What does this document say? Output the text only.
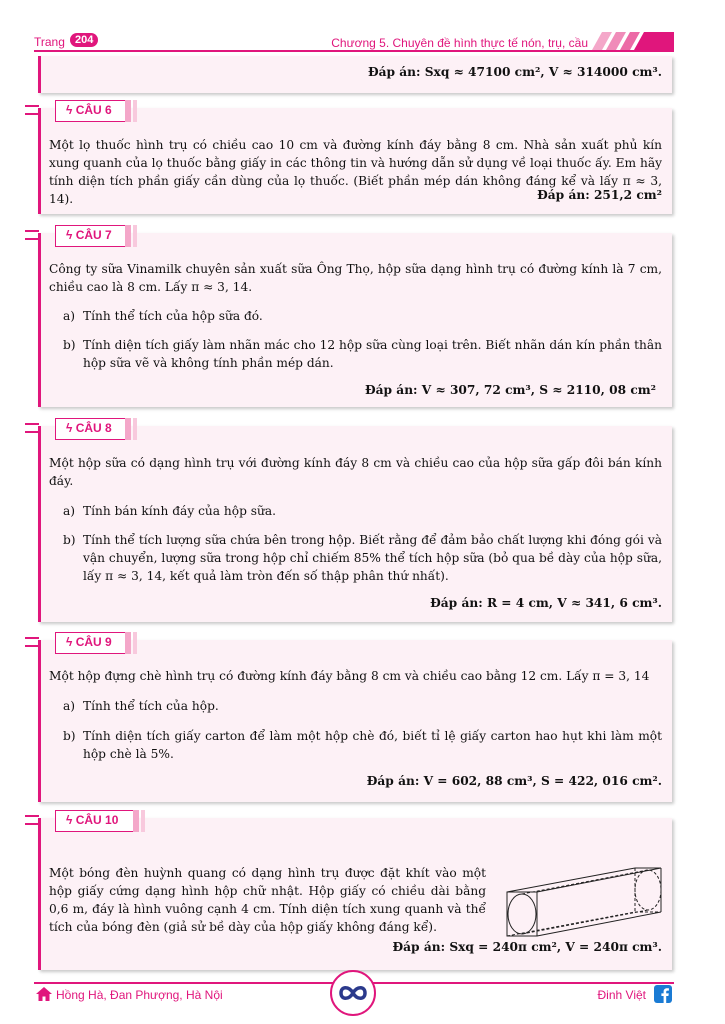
Trang 204	Chương 5. Chuyên đề hình thực tế nón, trụ, cầu
Đáp án: Sxq ≈ 47100 cm², V ≈ 314000 cm³.
ϟ CÂU 6
Một lọ thuốc hình trụ có chiều cao 10 cm và đường kính đáy bằng 8 cm. Nhà sản xuất phủ kín xung quanh của lọ thuốc bằng giấy in các thông tin và hướng dẫn sử dụng về loại thuốc ấy. Em hãy tính diện tích phần giấy cần dùng của lọ thuốc. (Biết phần mép dán không đáng kể và lấy π ≈ 3, 14).	Đáp án: 251,2 cm²
ϟ CÂU 7
Công ty sữa Vinamilk chuyên sản xuất sữa Ông Thọ, hộp sữa dạng hình trụ có đường kính là 7 cm, chiều cao là 8 cm. Lấy π ≈ 3, 14.
a) Tính thể tích của hộp sữa đó.
b) Tính diện tích giấy làm nhãn mác cho 12 hộp sữa cùng loại trên. Biết nhãn dán kín phần thân hộp sữa vẽ và không tính phần mép dán.
Đáp án: V ≈ 307, 72 cm³, S ≈ 2110, 08 cm²
ϟ CÂU 8
Một hộp sữa có dạng hình trụ với đường kính đáy 8 cm và chiều cao của hộp sữa gấp đôi bán kính đáy.
a) Tính bán kính đáy của hộp sữa.
b) Tính thể tích lượng sữa chứa bên trong hộp. Biết rằng để đảm bảo chất lượng khi đóng gói và vận chuyển, lượng sữa trong hộp chỉ chiếm 85% thể tích hộp sữa (bỏ qua bề dày của hộp sữa, lấy π ≈ 3, 14, kết quả làm tròn đến số thập phân thứ nhất).
Đáp án: R = 4 cm, V ≈ 341, 6 cm³.
ϟ CÂU 9
Một hộp đựng chè hình trụ có đường kính đáy bằng 8 cm và chiều cao bằng 12 cm. Lấy π = 3, 14
a) Tính thể tích của hộp.
b) Tính diện tích giấy carton để làm một hộp chè đó, biết tỉ lệ giấy carton hao hụt khi làm một hộp chè là 5%.
Đáp án: V = 602, 88 cm³, S = 422, 016 cm².
ϟ CÂU 10
Một bóng đèn huỳnh quang có dạng hình trụ được đặt khít vào một hộp giấy cứng dạng hình hộp chữ nhật. Hộp giấy có chiều dài bằng 0,6 m, đáy là hình vuông cạnh 4 cm. Tính diện tích xung quanh và thể tích của bóng đèn (giả sử bề dày của hộp giấy không đáng kể).
Đáp án: Sxq = 240π cm², V = 240π cm³.
Hồng Hà, Đan Phượng, Hà Nội	Đinh Việt
